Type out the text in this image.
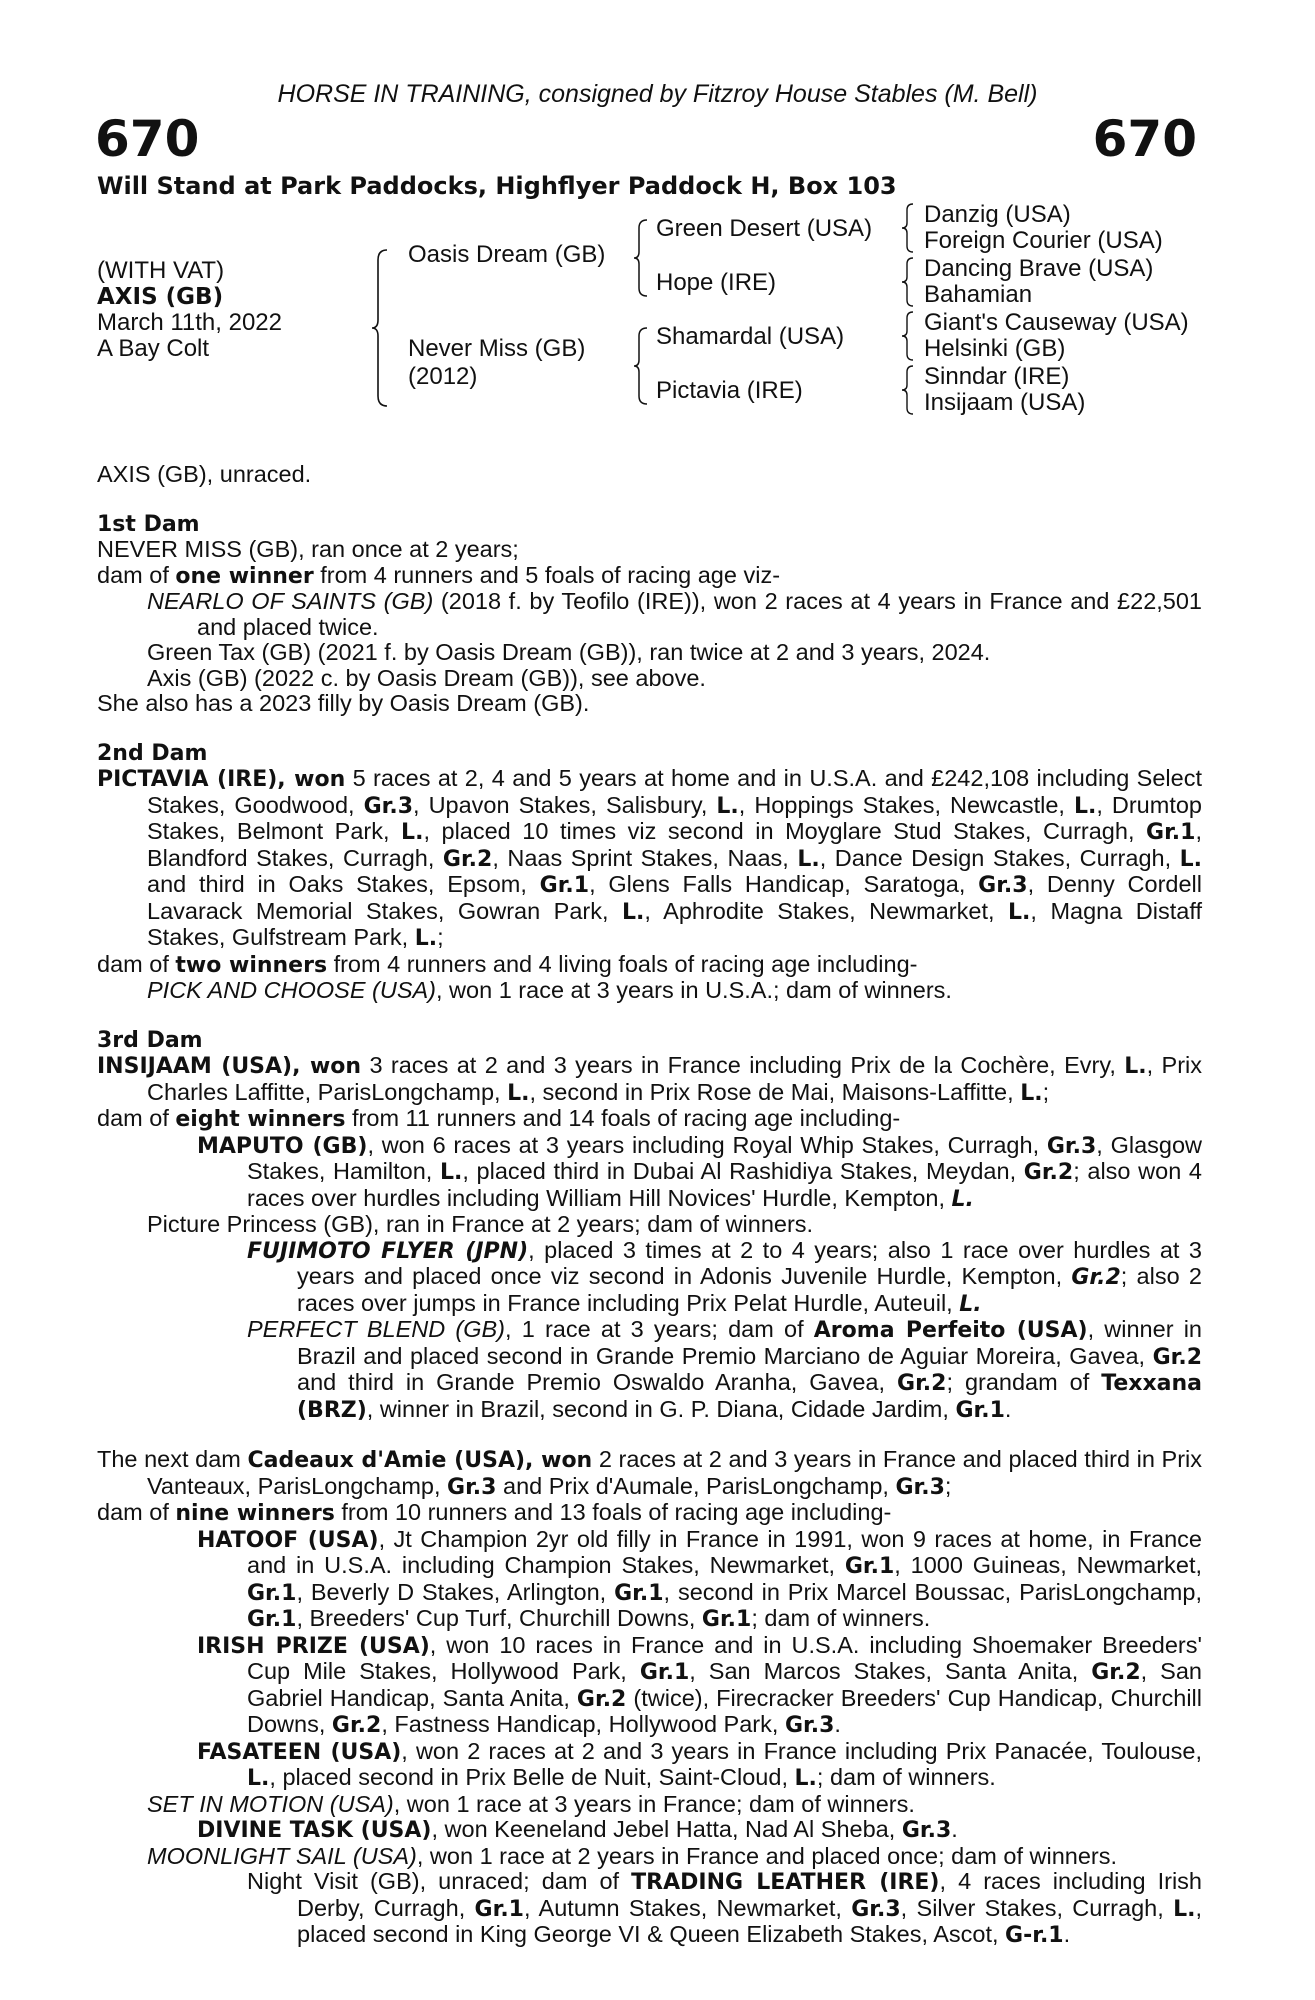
HORSE IN TRAINING, consigned by Fitzroy House Stables (M. Bell)
670	670
Will Stand at Park Paddocks, Highflyer Paddock H, Box 103
(WITH VAT)
AXIS (GB)
March 11th, 2022
A Bay Colt
Oasis Dream (GB)
Never Miss (GB)
(2012)
Green Desert (USA)
Hope (IRE)
Shamardal (USA)
Pictavia (IRE)
Danzig (USA)
Foreign Courier (USA)
Dancing Brave (USA)
Bahamian
Giant's Causeway (USA)
Helsinki (GB)
Sinndar (IRE)
Insijaam (USA)

AXIS (GB), unraced.

1st Dam

NEVER MISS (GB), ran once at 2 years;

dam of one winner from 4 runners and 5 foals of racing age viz-

NEARLO OF SAINTS (GB) (2018 f. by Teofilo (IRE)), won 2 races at 4 years in France and £22,501 and placed twice.

Green Tax (GB) (2021 f. by Oasis Dream (GB)), ran twice at 2 and 3 years, 2024.

Axis (GB) (2022 c. by Oasis Dream (GB)), see above.

She also has a 2023 filly by Oasis Dream (GB).

2nd Dam

PICTAVIA (IRE), won 5 races at 2, 4 and 5 years at home and in U.S.A. and £242,108 including Select Stakes, Goodwood, Gr.3, Upavon Stakes, Salisbury, L., Hoppings Stakes, Newcastle, L., Drumtop Stakes, Belmont Park, L., placed 10 times viz second in Moyglare Stud Stakes, Curragh, Gr.1, Blandford Stakes, Curragh, Gr.2, Naas Sprint Stakes, Naas, L., Dance Design Stakes, Curragh, L. and third in Oaks Stakes, Epsom, Gr.1, Glens Falls Handicap, Saratoga, Gr.3, Denny Cordell Lavarack Memorial Stakes, Gowran Park, L., Aphrodite Stakes, Newmarket, L., Magna Distaff Stakes, Gulfstream Park, L.;

dam of two winners from 4 runners and 4 living foals of racing age including-

PICK AND CHOOSE (USA), won 1 race at 3 years in U.S.A.; dam of winners.

3rd Dam

INSIJAAM (USA), won 3 races at 2 and 3 years in France including Prix de la Cochère, Evry, L., Prix Charles Laffitte, ParisLongchamp, L., second in Prix Rose de Mai, Maisons-Laffitte, L.;

dam of eight winners from 11 runners and 14 foals of racing age including-

MAPUTO (GB), won 6 races at 3 years including Royal Whip Stakes, Curragh, Gr.3, Glasgow Stakes, Hamilton, L., placed third in Dubai Al Rashidiya Stakes, Meydan, Gr.2; also won 4 races over hurdles including William Hill Novices' Hurdle, Kempton, L.

Picture Princess (GB), ran in France at 2 years; dam of winners.

FUJIMOTO FLYER (JPN), placed 3 times at 2 to 4 years; also 1 race over hurdles at 3 years and placed once viz second in Adonis Juvenile Hurdle, Kempton, Gr.2; also 2 races over jumps in France including Prix Pelat Hurdle, Auteuil, L.

PERFECT BLEND (GB), 1 race at 3 years; dam of Aroma Perfeito (USA), winner in Brazil and placed second in Grande Premio Marciano de Aguiar Moreira, Gavea, Gr.2 and third in Grande Premio Oswaldo Aranha, Gavea, Gr.2; grandam of Texxana (BRZ), winner in Brazil, second in G. P. Diana, Cidade Jardim, Gr.1.

The next dam Cadeaux d'Amie (USA), won 2 races at 2 and 3 years in France and placed third in Prix Vanteaux, ParisLongchamp, Gr.3 and Prix d'Aumale, ParisLongchamp, Gr.3;

dam of nine winners from 10 runners and 13 foals of racing age including-

HATOOF (USA), Jt Champion 2yr old filly in France in 1991, won 9 races at home, in France and in U.S.A. including Champion Stakes, Newmarket, Gr.1, 1000 Guineas, Newmarket, Gr.1, Beverly D Stakes, Arlington, Gr.1, second in Prix Marcel Boussac, ParisLongchamp, Gr.1, Breeders' Cup Turf, Churchill Downs, Gr.1; dam of winners.

IRISH PRIZE (USA), won 10 races in France and in U.S.A. including Shoemaker Breeders' Cup Mile Stakes, Hollywood Park, Gr.1, San Marcos Stakes, Santa Anita, Gr.2, San Gabriel Handicap, Santa Anita, Gr.2 (twice), Firecracker Breeders' Cup Handicap, Churchill Downs, Gr.2, Fastness Handicap, Hollywood Park, Gr.3.

FASATEEN (USA), won 2 races at 2 and 3 years in France including Prix Panacée, Toulouse, L., placed second in Prix Belle de Nuit, Saint-Cloud, L.; dam of winners.

SET IN MOTION (USA), won 1 race at 3 years in France; dam of winners.

DIVINE TASK (USA), won Keeneland Jebel Hatta, Nad Al Sheba, Gr.3.

MOONLIGHT SAIL (USA), won 1 race at 2 years in France and placed once; dam of winners.

Night Visit (GB), unraced; dam of TRADING LEATHER (IRE), 4 races including Irish Derby, Curragh, Gr.1, Autumn Stakes, Newmarket, Gr.3, Silver Stakes, Curragh, L., placed second in King George VI & Queen Elizabeth Stakes, Ascot, G-r.1.
